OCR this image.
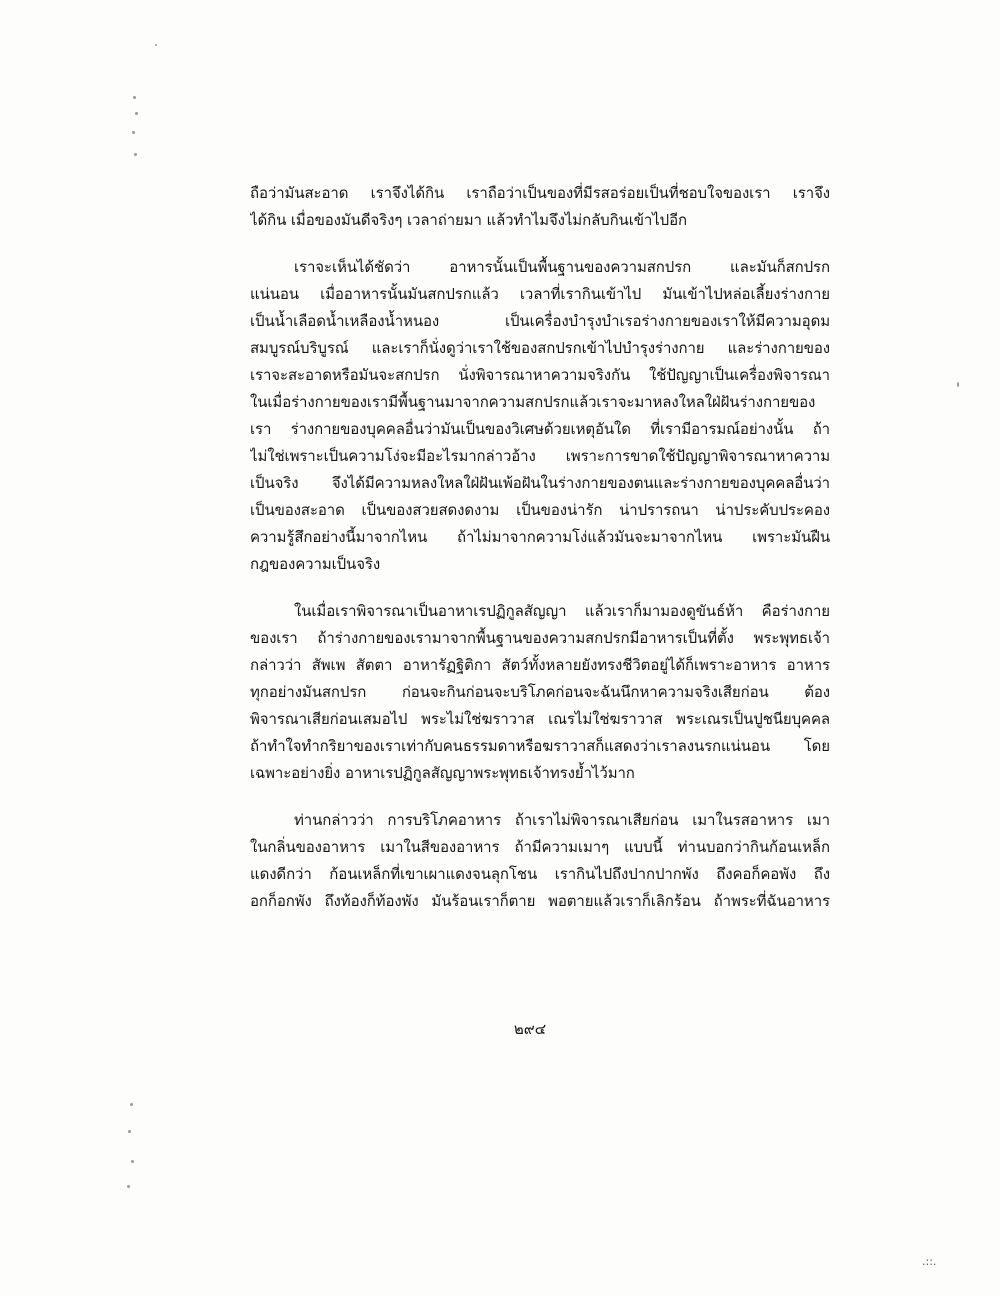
ถือว่ามันสะอาด เราจึงได้กิน เราถือว่าเป็นของที่มีรสอร่อยเป็นที่ชอบใจของเรา เราจึง
ได้กิน เมื่อของมันดีจริงๆ เวลาถ่ายมา แล้วทำไมจึงไม่กลับกินเข้าไปอีก
เราจะเห็นได้ชัดว่า อาหารนั้นเป็นพื้นฐานของความสกปรก และมันก็สกปรก
แน่นอน เมื่ออาหารนั้นมันสกปรกแล้ว เวลาที่เรากินเข้าไป มันเข้าไปหล่อเลี้ยงร่างกาย
เป็นน้ำเลือดน้ำเหลืองน้ำหนอง เป็นเครื่องบำรุงบำเรอร่างกายของเราให้มีความอุดม
สมบูรณ์บริบูรณ์ และเราก็นั่งดูว่าเราใช้ของสกปรกเข้าไปบำรุงร่างกาย และร่างกายของ
เราจะสะอาดหรือมันจะสกปรก นั่งพิจารณาหาความจริงกัน ใช้ปัญญาเป็นเครื่องพิจารณา
ในเมื่อร่างกายของเรามีพื้นฐานมาจากความสกปรกแล้วเราจะมาหลงใหลใฝ่ฝันร่างกายของ
เรา ร่างกายของบุคคลอื่นว่ามันเป็นของวิเศษด้วยเหตุอันใด ที่เรามีอารมณ์อย่างนั้น ถ้า
ไม่ใช่เพราะเป็นความโง่จะมีอะไรมากล่าวอ้าง เพราะการขาดใช้ปัญญาพิจารณาหาความ
เป็นจริง จึงได้มีความหลงใหลใฝ่ฝันเพ้อฝันในร่างกายของตนและร่างกายของบุคคลอื่นว่า
เป็นของสะอาด เป็นของสวยสดงดงาม เป็นของน่ารัก น่าปรารถนา น่าประคับประคอง
ความรู้สึกอย่างนี้มาจากไหน ถ้าไม่มาจากความโง่แล้วมันจะมาจากไหน เพราะมันฝืน
กฎของความเป็นจริง
ในเมื่อเราพิจารณาเป็นอาหาเรปฏิกูลสัญญา แล้วเราก็มามองดูขันธ์ห้า คือร่างกาย
ของเรา ถ้าร่างกายของเรามาจากพื้นฐานของความสกปรกมีอาหารเป็นที่ตั้ง พระพุทธเจ้า
กล่าวว่า สัพเพ สัตตา อาหารัฏฐิติกา สัตว์ทั้งหลายยังทรงชีวิตอยู่ได้ก็เพราะอาหาร อาหาร
ทุกอย่างมันสกปรก ก่อนจะกินก่อนจะบริโภคก่อนจะฉันนึกหาความจริงเสียก่อน ต้อง
พิจารณาเสียก่อนเสมอไป พระไม่ใช่ฆราวาส เณรไม่ใช่ฆราวาส พระเณรเป็นปูชนียบุคคล
ถ้าทำใจทำกริยาของเราเท่ากับคนธรรมดาหรือฆราวาสก็แสดงว่าเราลงนรกแน่นอน โดย
เฉพาะอย่างยิ่ง อาหาเรปฏิกูลสัญญาพระพุทธเจ้าทรงย้ำไว้มาก
ท่านกล่าวว่า การบริโภคอาหาร ถ้าเราไม่พิจารณาเสียก่อน เมาในรสอาหาร เมา
ในกลิ่นของอาหาร เมาในสีของอาหาร ถ้ามีความเมาๆ แบบนี้ ท่านบอกว่ากินก้อนเหล็ก
แดงดีกว่า ก้อนเหล็กที่เขาเผาแดงจนลุกโชน เรากินไปถึงปากปากพัง ถึงคอก็คอพัง ถึง
อกก็อกพัง ถึงท้องก็ท้องพัง มันร้อนเราก็ตาย พอตายแล้วเราก็เลิกร้อน ถ้าพระที่ฉันอาหาร
๒๙๔
.::.
